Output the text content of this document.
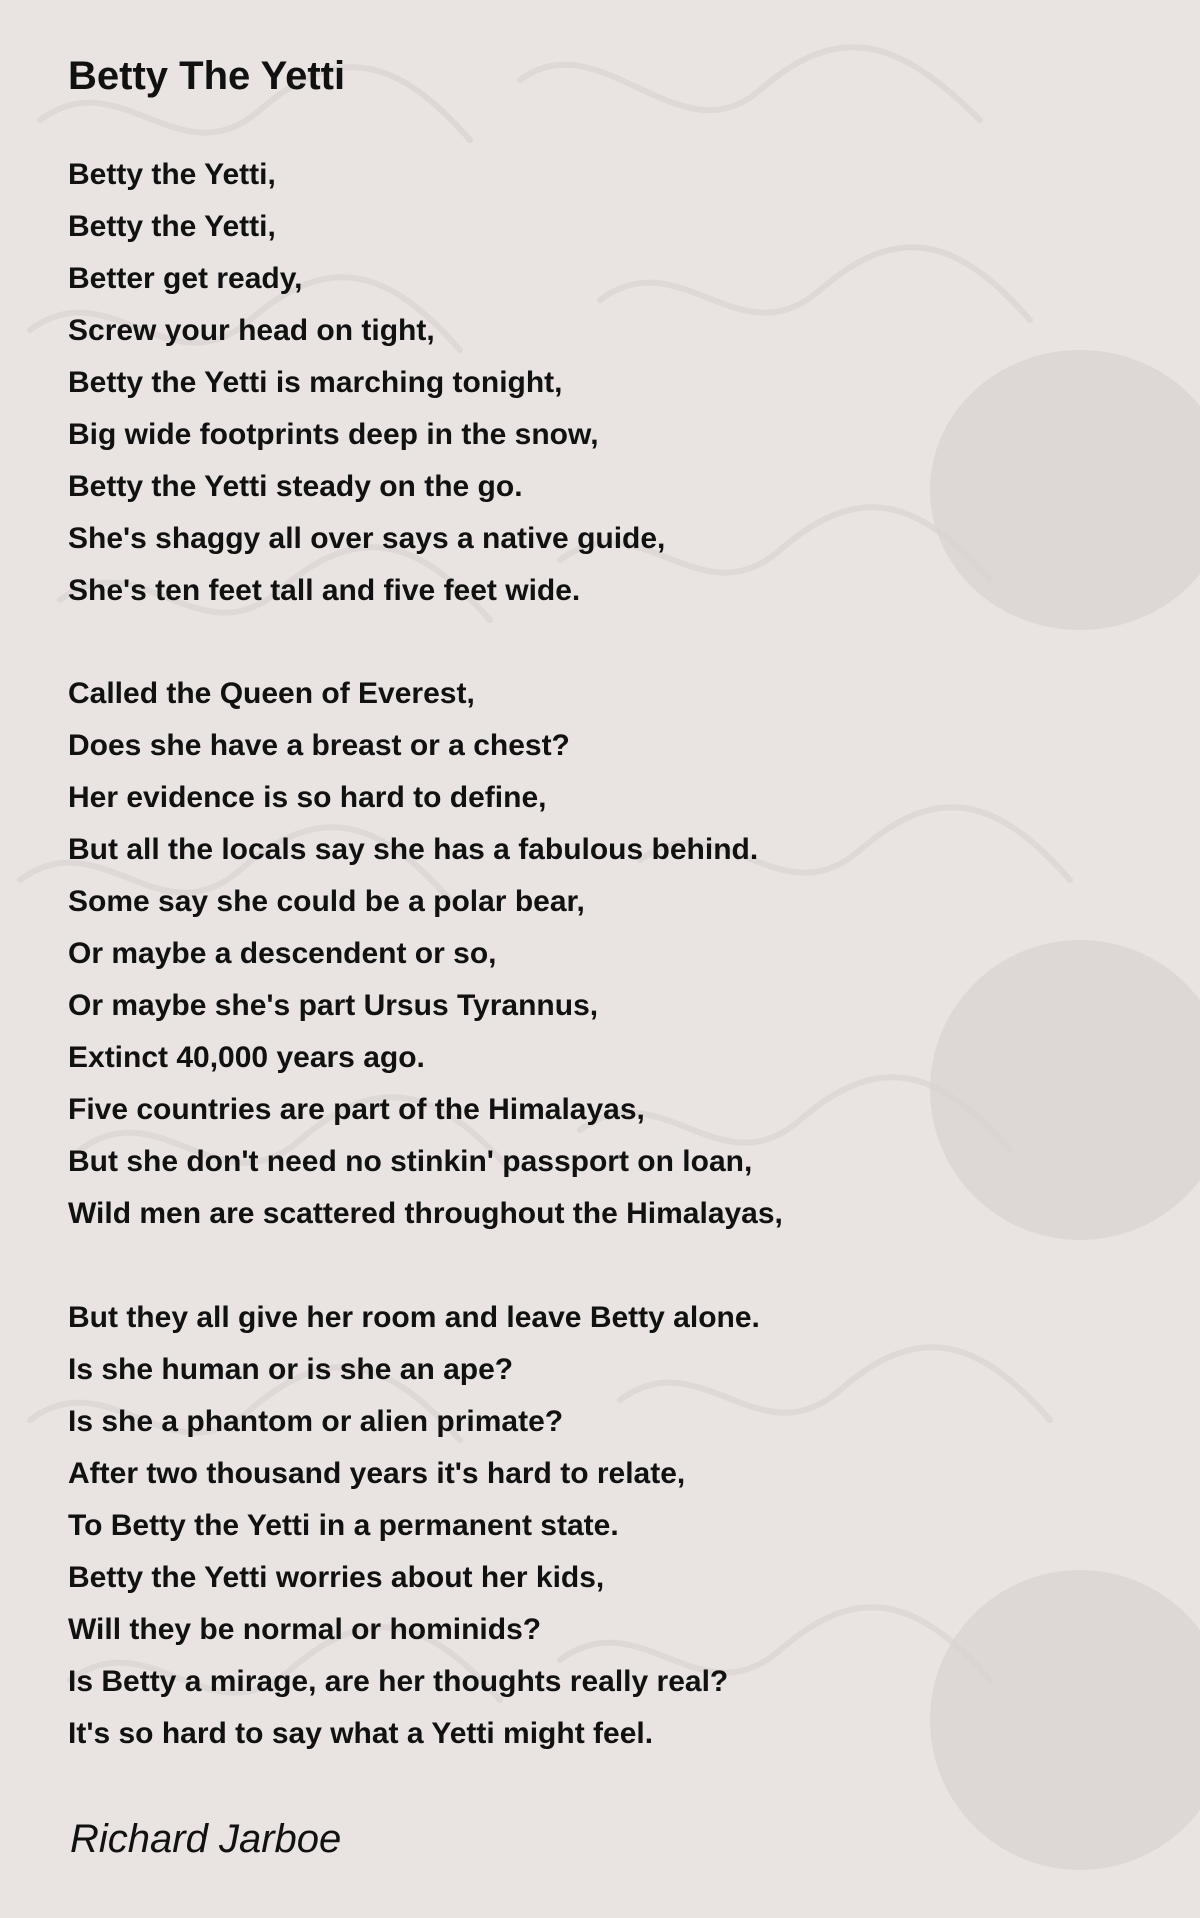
Betty The Yetti
Betty the Yetti,
Betty the Yetti,
Better get ready,
Screw your head on tight,
Betty the Yetti is marching tonight,
Big wide footprints deep in the snow,
Betty the Yetti steady on the go.
She's shaggy all over says a native guide,
She's ten feet tall and five feet wide.
Called the Queen of Everest,
Does she have a breast or a chest?
Her evidence is so hard to define,
But all the locals say she has a fabulous behind.
Some say she could be a polar bear,
Or maybe a descendent or so,
Or maybe she's part Ursus Tyrannus,
Extinct 40,000 years ago.
Five countries are part of the Himalayas,
But she don't need no stinkin' passport on loan,
Wild men are scattered throughout the Himalayas,
But they all give her room and leave Betty alone.
Is she human or is she an ape?
Is she a phantom or alien primate?
After two thousand years it's hard to relate,
To Betty the Yetti in a permanent state.
Betty the Yetti worries about her kids,
Will they be normal or hominids?
Is Betty a mirage, are her thoughts really real?
It's so hard to say what a Yetti might feel.

Richard Jarboe
